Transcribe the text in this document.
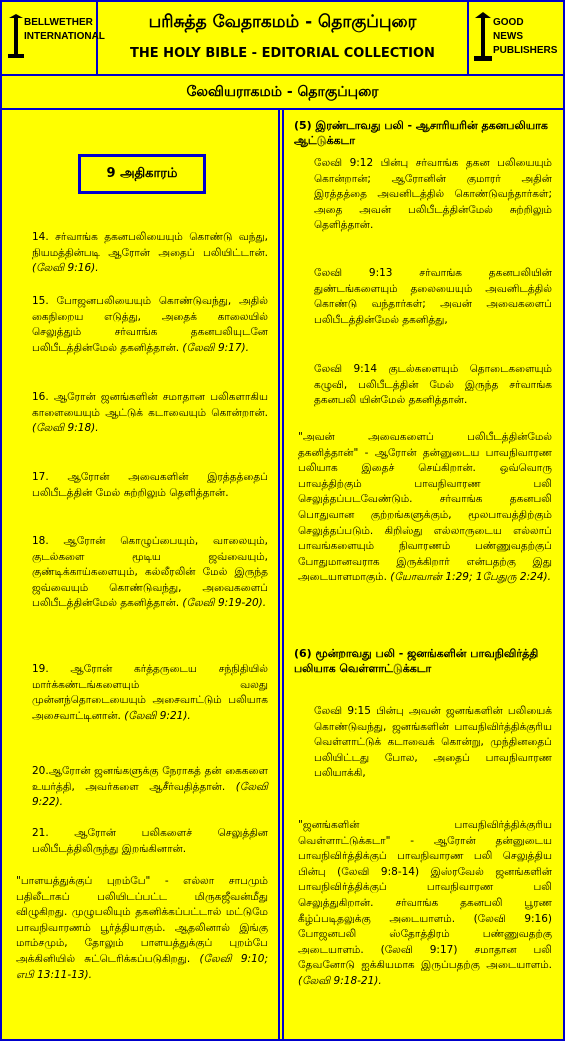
BELLWETHER INTERNATIONAL
பரிசுத்த வேதாகமம் - தொகுப்புரை
THE HOLY BIBLE - EDITORIAL COLLECTION
GOOD NEWS PUBLISHERS
லேவியராகமம் - தொகுப்புரை
9 அதிகாரம்
14. சர்வாங்க தகனபலியையும் கொண்டு வந்து, நியமத்தின்படி ஆரோன் அதைப் பலியிட்டான். (லேவி 9:16).
15. போஜனபலியையும் கொண்டுவந்து, அதில் கைநிறைய எடுத்து, அதைக் காலையில் செலுத்தும் சர்வாங்க தகனபலியுடனே பலிபீடத்தின்மேல் தகனித்தான். (லேவி 9:17).
16. ஆரோன் ஜனங்களின் சமாதான பலிகளாகிய காளையையும் ஆட்டுக் கடாவையும் கொன்றான். (லேவி 9:18).
17. ஆரோன் அவைகளின் இரத்தத்தைப் பலிபீடத்தின் மேல் சுற்றிலும் தெளித்தான்.
18. ஆரோன் கொழுப்பையும், வாலையும், குடல்களை மூடிய ஜவ்வையும், குண்டிக்காய்களையும், கல்லீரலின் மேல் இருந்த ஜவ்வையும் கொண்டுவந்து, அவைகளைப் பலிபீடத்தின்மேல் தகனித்தான். (லேவி 9:19-20).
19. ஆரோன் கர்த்தருடைய சந்நிதியில் மார்க்கண்டங்களையும் வலது முன்னந்தொடையையும் அசைவாட்டும் பலியாக அசைவாட்டினான். (லேவி 9:21).
20.ஆரோன் ஜனங்களுக்கு நேராகத் தன் கைகளை உயர்த்தி, அவர்களை ஆசீர்வதித்தான். (லேவி 9:22).
21. ஆரோன் பலிகளைச் செலுத்தின பலிபீடத்திலிருந்து இறங்கினான்.
"பாளயத்துக்குப் புறம்பே" - எல்லா சாபமும் பதிலீடாகப் பலியிடப்பட்ட மிருகஜீவன்மீது விழுகிறது. முழுபலியும் தகனிக்கப்பட்டால் மட்டுமே பாவநிவாரணம் பூர்த்தியாகும். ஆதலினால் இங்கு மாம்சமும், தோலும் பாளயத்துக்குப் புறம்பே அக்கினியில் சுட்டெரிக்கப்படுகிறது. (லேவி 9:10; எபி 13:11-13).
(5) இரண்டாவது பலி - ஆசாரியரின் தகனபலியாக ஆட்டுக்கடா
லேவி 9:12 பின்பு சர்வாங்க தகன பலியையும் கொன்றான்; ஆரோனின் குமாரர் அதின் இரத்தத்தை அவனிடத்தில் கொண்டுவந்தார்கள்; அதை அவன் பலிபீடத்தின்மேல் சுற்றிலும் தெளித்தான்.
லேவி 9:13 சர்வாங்க தகனபலியின் துண்டங்களையும் தலையையும் அவனிடத்தில் கொண்டு வந்தார்கள்; அவன் அவைகளைப் பலிபீடத்தின்மேல் தகனித்து,
லேவி 9:14 குடல்களையும் தொடைகளையும் கழுவி, பலிபீடத்தின் மேல் இருந்த சர்வாங்க தகனபலி யின்மேல் தகனித்தான்.
"அவன் அவைகளைப் பலிபீடத்தின்மேல் தகனித்தான்" - ஆரோன் தன்னுடைய பாவநிவாரண பலியாக இதைச் செய்கிறான். ஒவ்வொரு பாவத்திற்கும் பாவநிவாரண பலி செலுத்தப்படவேண்டும். சர்வாங்க தகனபலி பொதுவான குற்றங்களுக்கும், மூலபாவத்திற்கும் செலுத்தப்படும். கிறிஸ்து எல்லாருடைய எல்லாப் பாவங்களையும் நிவாரணம் பண்ணுவதற்குப் போதுமானவராக இருக்கிறார் என்பதற்கு இது அடையாளமாகும். (யோவான் 1:29; 1பேதுரு 2:24).
(6) மூன்றாவது பலி - ஜனங்களின் பாவநிவிர்த்தி பலியாக வெள்ளாட்டுக்கடா
லேவி 9:15 பின்பு அவன் ஜனங்களின் பலியைக் கொண்டுவந்து, ஜனங்களின் பாவநிவிர்த்திக்குரிய வெள்ளாட்டுக் கடாவைக் கொன்று, முந்தினதைப் பலியிட்டது போல, அதைப் பாவநிவாரண பலியாக்கி,
"ஜனங்களின் பாவநிவிர்த்திக்குரிய வெள்ளாட்டுக்கடா" - ஆரோன் தன்னுடைய பாவநிவிர்த்திக்குப் பாவநிவாரண பலி செலுத்திய பின்பு (லேவி 9:8-14) இஸ்ரவேல் ஜனங்களின் பாவநிவிர்த்திக்குப் பாவநிவாரண பலி செலுத்துகிறான். சர்வாங்க தகனபலி பூரண கீழ்ப்படிதலுக்கு அடையாளம். (லேவி 9:16) போஜனபலி ஸ்தோத்திரம் பண்ணுவதற்கு அடையாளம். (லேவி 9:17) சமாதான பலி தேவனோடு ஐக்கியமாக இருப்பதற்கு அடையாளம். (லேவி 9:18-21).
